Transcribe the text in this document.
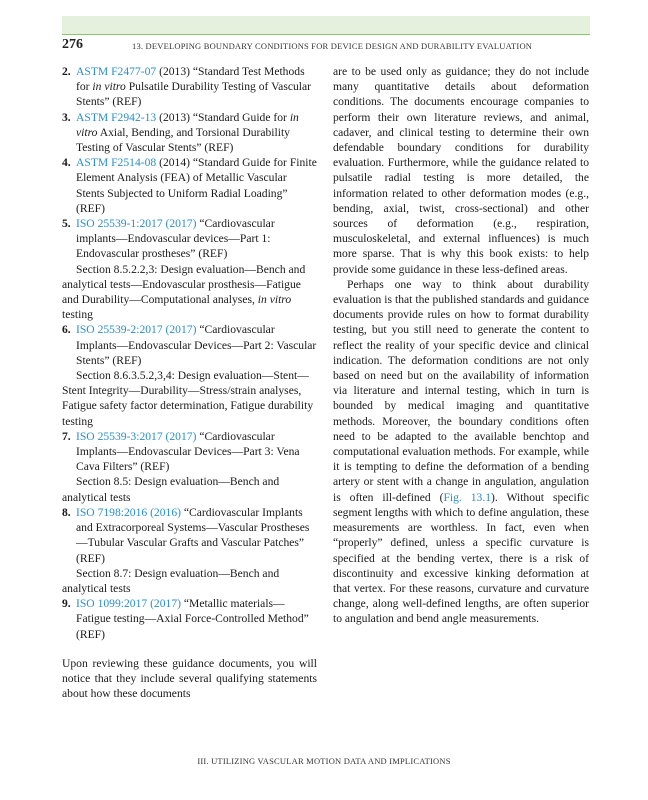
276	13. DEVELOPING BOUNDARY CONDITIONS FOR DEVICE DESIGN AND DURABILITY EVALUATION

2. ASTM F2477-07 (2013) “Standard Test Methods for in vitro Pulsatile Durability Testing of Vascular Stents” (REF)

3. ASTM F2942-13 (2013) “Standard Guide for in vitro Axial, Bending, and Torsional Durability Testing of Vascular Stents” (REF)

4. ASTM F2514-08 (2014) “Standard Guide for Finite Element Analysis (FEA) of Metallic Vascular Stents Subjected to Uniform Radial Loading” (REF)

5. ISO 25539-1:2017 (2017) “Cardiovascular implants—Endovascular devices—Part 1: Endovascular prostheses” (REF)

Section 8.5.2.2,3: Design evaluation—Bench and analytical tests—Endovascular prosthesis—Fatigue and Durability—Computational analyses, in vitro testing

6. ISO 25539-2:2017 (2017) “Cardiovascular Implants—Endovascular Devices—Part 2: Vascular Stents” (REF)

Section 8.6.3.5.2,3,4: Design evaluation—Stent—Stent Integrity—Durability—Stress/strain analyses, Fatigue safety factor determination, Fatigue durability testing

7. ISO 25539-3:2017 (2017) “Cardiovascular Implants—Endovascular Devices—Part 3: Vena Cava Filters” (REF)

Section 8.5: Design evaluation—Bench and analytical tests

8. ISO 7198:2016 (2016) “Cardiovascular Implants and Extracorporeal Systems—Vascular Prostheses—Tubular Vascular Grafts and Vascular Patches” (REF)

Section 8.7: Design evaluation—Bench and analytical tests

9. ISO 1099:2017 (2017) “Metallic materials—Fatigue testing—Axial Force-Controlled Method” (REF)

Upon reviewing these guidance documents, you will notice that they include several qualifying statements about how these documents

are to be used only as guidance; they do not include many quantitative details about deformation conditions. The documents encourage companies to perform their own literature reviews, and animal, cadaver, and clinical testing to determine their own defendable boundary conditions for durability evaluation. Furthermore, while the guidance related to pulsatile radial testing is more detailed, the information related to other deformation modes (e.g., bending, axial, twist, cross-sectional) and other sources of deformation (e.g., respiration, musculoskeletal, and external influences) is much more sparse. That is why this book exists: to help provide some guidance in these less-defined areas.

Perhaps one way to think about durability evaluation is that the published standards and guidance documents provide rules on how to format durability testing, but you still need to generate the content to reflect the reality of your specific device and clinical indication. The deformation conditions are not only based on need but on the availability of information via literature and internal testing, which in turn is bounded by medical imaging and quantitative methods. Moreover, the boundary conditions often need to be adapted to the available benchtop and computational evaluation methods. For example, while it is tempting to define the deformation of a bending artery or stent with a change in angulation, angulation is often ill-defined (Fig. 13.1). Without specific segment lengths with which to define angulation, these measurements are worthless. In fact, even when “properly” defined, unless a specific curvature is specified at the bending vertex, there is a risk of discontinuity and excessive kinking deformation at that vertex. For these reasons, curvature and curvature change, along well-defined lengths, are often superior to angulation and bend angle measurements.

III. UTILIZING VASCULAR MOTION DATA AND IMPLICATIONS
